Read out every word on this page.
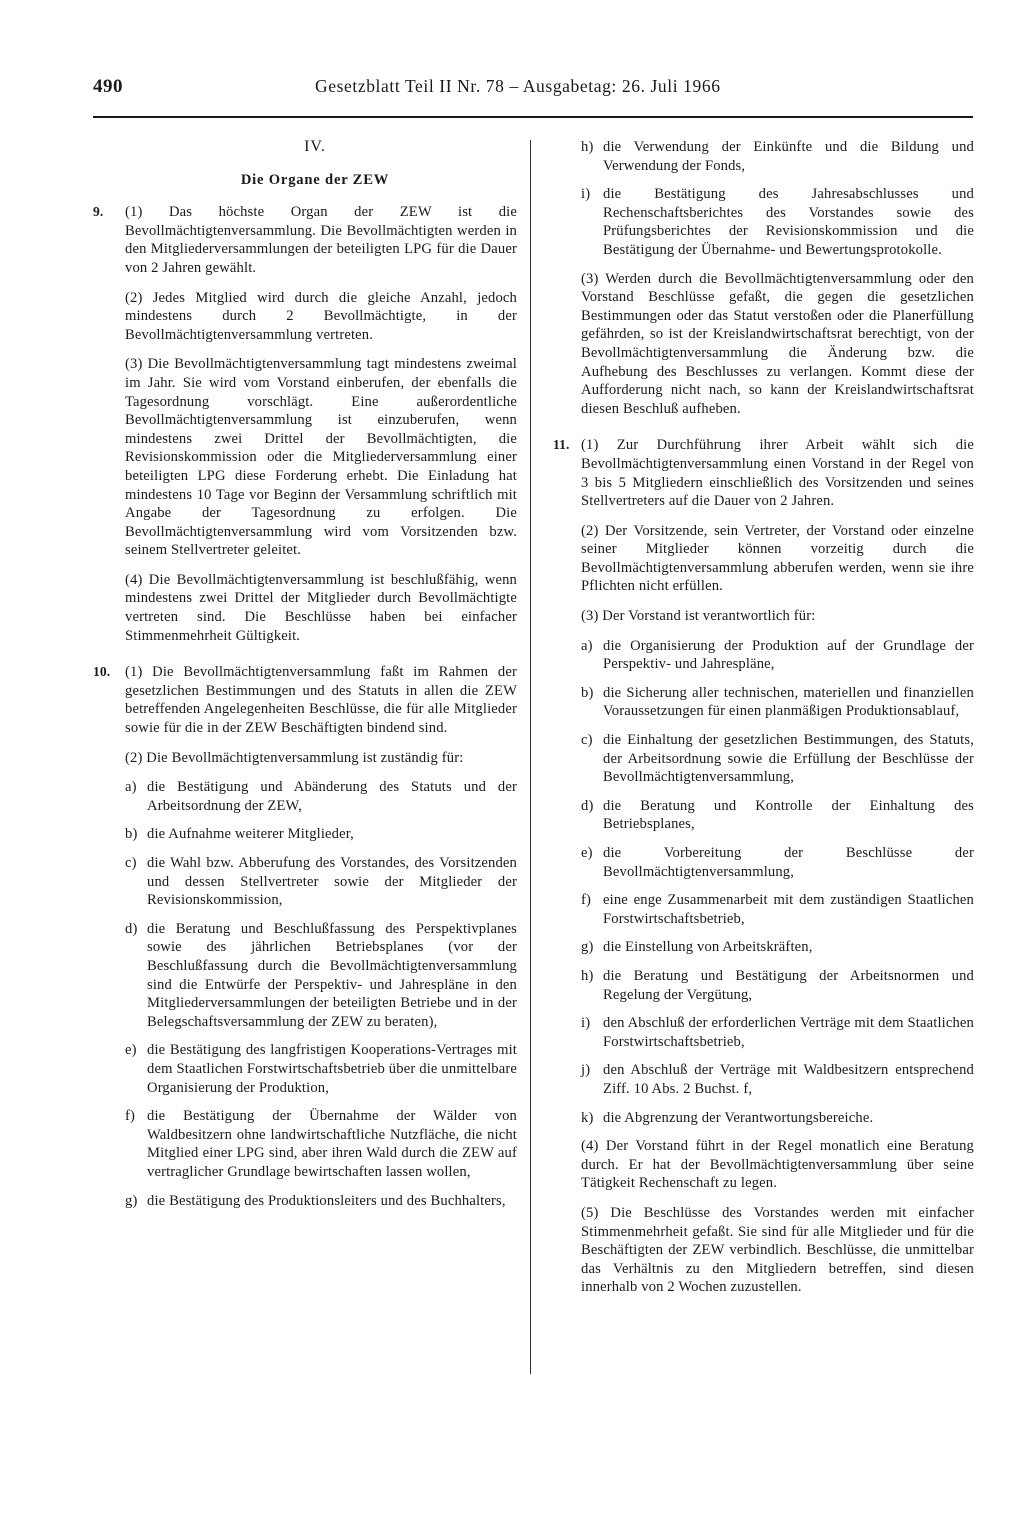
490	Gesetzblatt Teil II Nr. 78 – Ausgabetag: 26. Juli 1966
IV.
Die Organe der ZEW
9. (1) Das höchste Organ der ZEW ist die Bevollmächtigtenversammlung. Die Bevollmächtigten werden in den Mitgliederversammlungen der beteiligten LPG für die Dauer von 2 Jahren gewählt.
(2) Jedes Mitglied wird durch die gleiche Anzahl, jedoch mindestens durch 2 Bevollmächtigte, in der Bevollmächtigtenversammlung vertreten.
(3) Die Bevollmächtigtenversammlung tagt mindestens zweimal im Jahr. Sie wird vom Vorstand einberufen, der ebenfalls die Tagesordnung vorschlägt. Eine außerordentliche Bevollmächtigtenversammlung ist einzuberufen, wenn mindestens zwei Drittel der Bevollmächtigten, die Revisionskommission oder die Mitgliederversammlung einer beteiligten LPG diese Forderung erhebt. Die Einladung hat mindestens 10 Tage vor Beginn der Versammlung schriftlich mit Angabe der Tagesordnung zu erfolgen. Die Bevollmächtigtenversammlung wird vom Vorsitzenden bzw. seinem Stellvertreter geleitet.
(4) Die Bevollmächtigtenversammlung ist beschlußfähig, wenn mindestens zwei Drittel der Mitglieder durch Bevollmächtigte vertreten sind. Die Beschlüsse haben bei einfacher Stimmenmehrheit Gültigkeit.
10. (1) Die Bevollmächtigtenversammlung faßt im Rahmen der gesetzlichen Bestimmungen und des Statuts in allen die ZEW betreffenden Angelegenheiten Beschlüsse, die für alle Mitglieder sowie für die in der ZEW Beschäftigten bindend sind.
(2) Die Bevollmächtigtenversammlung ist zuständig für:
a) die Bestätigung und Abänderung des Statuts und der Arbeitsordnung der ZEW,
b) die Aufnahme weiterer Mitglieder,
c) die Wahl bzw. Abberufung des Vorstandes, des Vorsitzenden und dessen Stellvertreter sowie der Mitglieder der Revisionskommission,
d) die Beratung und Beschlußfassung des Perspektivplanes sowie des jährlichen Betriebsplanes (vor der Beschlußfassung durch die Bevollmächtigtenversammlung sind die Entwürfe der Perspektiv- und Jahrespläne in den Mitgliederversammlungen der beteiligten Betriebe und in der Belegschaftsversammlung der ZEW zu beraten),
e) die Bestätigung des langfristigen Kooperations-Vertrages mit dem Staatlichen Forstwirtschaftsbetrieb über die unmittelbare Organisierung der Produktion,
f) die Bestätigung der Übernahme der Wälder von Waldbesitzern ohne landwirtschaftliche Nutzfläche, die nicht Mitglied einer LPG sind, aber ihren Wald durch die ZEW auf vertraglicher Grundlage bewirtschaften lassen wollen,
g) die Bestätigung des Produktionsleiters und des Buchhalters,
h) die Verwendung der Einkünfte und die Bildung und Verwendung der Fonds,
i) die Bestätigung des Jahresabschlusses und Rechenschaftsberichtes des Vorstandes sowie des Prüfungsberichtes der Revisionskommission und die Bestätigung der Übernahme- und Bewertungsprotokolle.
(3) Werden durch die Bevollmächtigtenversammlung oder den Vorstand Beschlüsse gefaßt, die gegen die gesetzlichen Bestimmungen oder das Statut verstoßen oder die Planerfüllung gefährden, so ist der Kreislandwirtschaftsrat berechtigt, von der Bevollmächtigtenversammlung die Änderung bzw. die Aufhebung des Beschlusses zu verlangen. Kommt diese der Aufforderung nicht nach, so kann der Kreislandwirtschaftsrat diesen Beschluß aufheben.
11. (1) Zur Durchführung ihrer Arbeit wählt sich die Bevollmächtigtenversammlung einen Vorstand in der Regel von 3 bis 5 Mitgliedern einschließlich des Vorsitzenden und seines Stellvertreters auf die Dauer von 2 Jahren.
(2) Der Vorsitzende, sein Vertreter, der Vorstand oder einzelne seiner Mitglieder können vorzeitig durch die Bevollmächtigtenversammlung abberufen werden, wenn sie ihre Pflichten nicht erfüllen.
(3) Der Vorstand ist verantwortlich für:
a) die Organisierung der Produktion auf der Grundlage der Perspektiv- und Jahrespläne,
b) die Sicherung aller technischen, materiellen und finanziellen Voraussetzungen für einen planmäßigen Produktionsablauf,
c) die Einhaltung der gesetzlichen Bestimmungen, des Statuts, der Arbeitsordnung sowie die Erfüllung der Beschlüsse der Bevollmächtigtenversammlung,
d) die Beratung und Kontrolle der Einhaltung des Betriebsplanes,
e) die Vorbereitung der Beschlüsse der Bevollmächtigtenversammlung,
f) eine enge Zusammenarbeit mit dem zuständigen Staatlichen Forstwirtschaftsbetrieb,
g) die Einstellung von Arbeitskräften,
h) die Beratung und Bestätigung der Arbeitsnormen und Regelung der Vergütung,
i) den Abschluß der erforderlichen Verträge mit dem Staatlichen Forstwirtschaftsbetrieb,
j) den Abschluß der Verträge mit Waldbesitzern entsprechend Ziff. 10 Abs. 2 Buchst. f,
k) die Abgrenzung der Verantwortungsbereiche.
(4) Der Vorstand führt in der Regel monatlich eine Beratung durch. Er hat der Bevollmächtigtenversammlung über seine Tätigkeit Rechenschaft zu legen.
(5) Die Beschlüsse des Vorstandes werden mit einfacher Stimmenmehrheit gefaßt. Sie sind für alle Mitglieder und für die Beschäftigten der ZEW verbindlich. Beschlüsse, die unmittelbar das Verhältnis zu den Mitgliedern betreffen, sind diesen innerhalb von 2 Wochen zuzustellen.
